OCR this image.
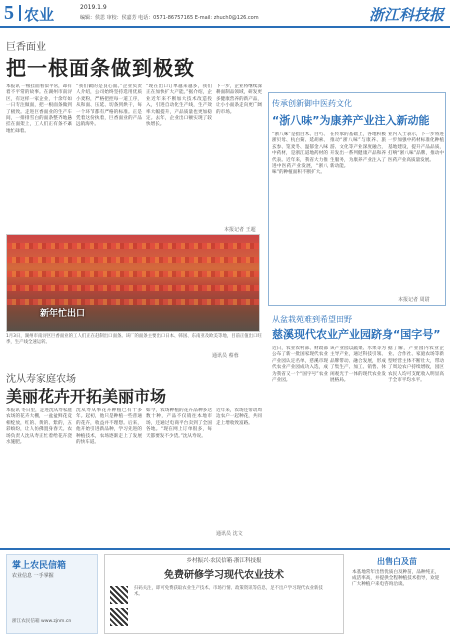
5 农业	2019.1.9
编辑：侯思 审校：侯嘉芳 电话：0571-86757165 E-mail: zhuch0@126.com	浙江科技报
巨香面业
把一根面条做到极致
本报讯 一根挂面看似平常，却有着不平常的故事。在湖州市南浔区，有这样一家企业，十余年如一日专注做面，把一根面条做到了极致。走进巨香面业的生产车间，一排排雪白的面条整齐地悬挂在面架上，工人们正有条不紊地忙碌着。
“我们做的是良心面。”企业负责人介绍，公司始终坚持选用优质小麦粉，严格把控每一道工序，从和面、压延、切条到烘干，每一个环节都有严格的标准。正是凭着这份执着，巨香面业的产品远销海外。
“现在出口订单越来越多，我们正在加快扩大产能。”据介绍，企业近年来不断加大技术改造投入，引进自动化生产线，生产效率大幅提升，产品质量也更加稳定。去年，企业出口额实现了较快增长。
下一步，企业将继续深耕面制品领域，研发更多健康营养的新产品，让小小面条走向更广阔的市场。
本报记者 王超
新年忙出口
1月3日，湖州市南浔区巨香面业的工人们正在赶制出口面条。该厂的面条主要出口日本、韩国、东南亚及欧美等地，目前正值出口旺季，生产线全速运转。
通讯员 蔡蓉
沈从寿家庭农场
美丽花卉开拓美丽市场
本报讯 冬日里，走进沈从寿家庭农场的花卉大棚，一盆盆鲜花竞相绽放，红的、黄的、紫的，五彩缤纷，让人仿佛置身春天。农场负责人沈从寿正忙着给花卉浇水施肥。
沈从寿从事花卉种植已有十多年。起初，他只是种植一些普通的花卉，收益并不理想。后来，他开始引进新品种，学习先进的种植技术，农场逐渐走上了发展的快车道。
如今，农场种植的花卉品种多达数十种，产品不仅销往本地市场，还通过电商平台卖到了全国各地。“现在网上订单很多，每天都要发不少货。”沈从寿说。
近年来，农场还带动周边农户一起种花，共同走上增收致富路。
通讯员 沈文
传承创新御中医药文化
“浙八味”为康养产业注入新动能
“浙八味”是指白术、白芍、浙贝母、杭白菊、延胡索、玄参、笕麦冬、温郁金八味中药材，是浙江道地药材的代表。近年来，我省大力推进中医药产业发展，“浙八味”的种植面积不断扩大。
在传承的基础上，各地积极推动“浙八味”与康养、旅游、文化等产业深度融合，开发出一系列健康产品和养生服务，为康养产业注入了新动能。
业内人士表示，下一步将进一步加强中药材标准化种植基地建设，提升产品品质，打响“浙八味”品牌，推动中医药产业高质量发展。
本报记者 周尉
从盆栽苑难到希望田野
慈溪现代农业产业园跻身“国字号”
近日，农业农村部、财政部公布了新一批国家现代农业产业园认定名单，慈溪市现代农业产业园成功入选，成为我省又一个“国字号”农业产业园。
该产业园以蔬菜、水果等为主导产业，通过科技引领、品牌带动、融合发展，形成了集生产、加工、销售、休闲观光于一体的现代农业发展格局。
据了解，产业园内农业企业、合作社、家庭农场等新型经营主体不断壮大，带动了周边农户持续增收，园区农民人均可支配收入明显高于全市平均水平。
掌上农民信箱
农业信息 一手掌握
浙江农民信箱 www.zjnm.cn
乡村振兴·农民信箱·浙江科技报
免费研修学习现代农业技术
扫码关注，即可免费获取农业生产技术、市场行情、政策资讯等信息，足不出户学习现代农业新技术。
出售白及苗
本基地常年出售优质白及种苗，品种纯正，成活率高，并提供全程种植技术指导，欢迎广大种植户来电咨询洽谈。
